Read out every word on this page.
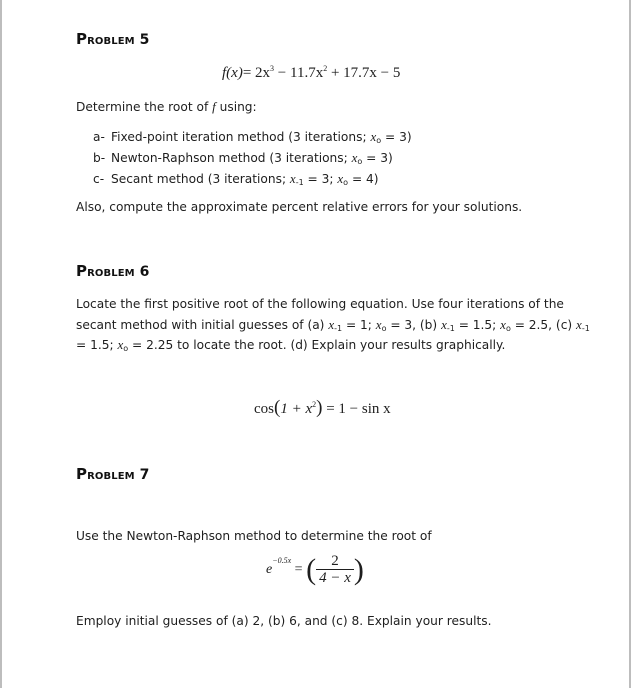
Problem 5
$f(x)= 2x^3 - 11.7x^2 + 17.7x - 5$
Determine the root of f using:
a- Fixed-point iteration method (3 iterations; xo = 3)
b- Newton-Raphson method (3 iterations; xo = 3)
c- Secant method (3 iterations; x-1 = 3; xo = 4)
Also, compute the approximate percent relative errors for your solutions.
Problem 6
Locate the first positive root of the following equation. Use four iterations of the
secant method with initial guesses of (a) x-1 = 1; xo = 3, (b) x-1 = 1.5; xo = 2.5, (c) x-1
= 1.5; xo = 2.25 to locate the root. (d) Explain your results graphically.
$\cos(1 + x^2) = 1 - \sin x$
Problem 7
Use the Newton-Raphson method to determine the root of
$e^{-0.5x}$ = ( $\frac{2}{4 - x}$ )
Employ initial guesses of (a) 2, (b) 6, and (c) 8. Explain your results.
